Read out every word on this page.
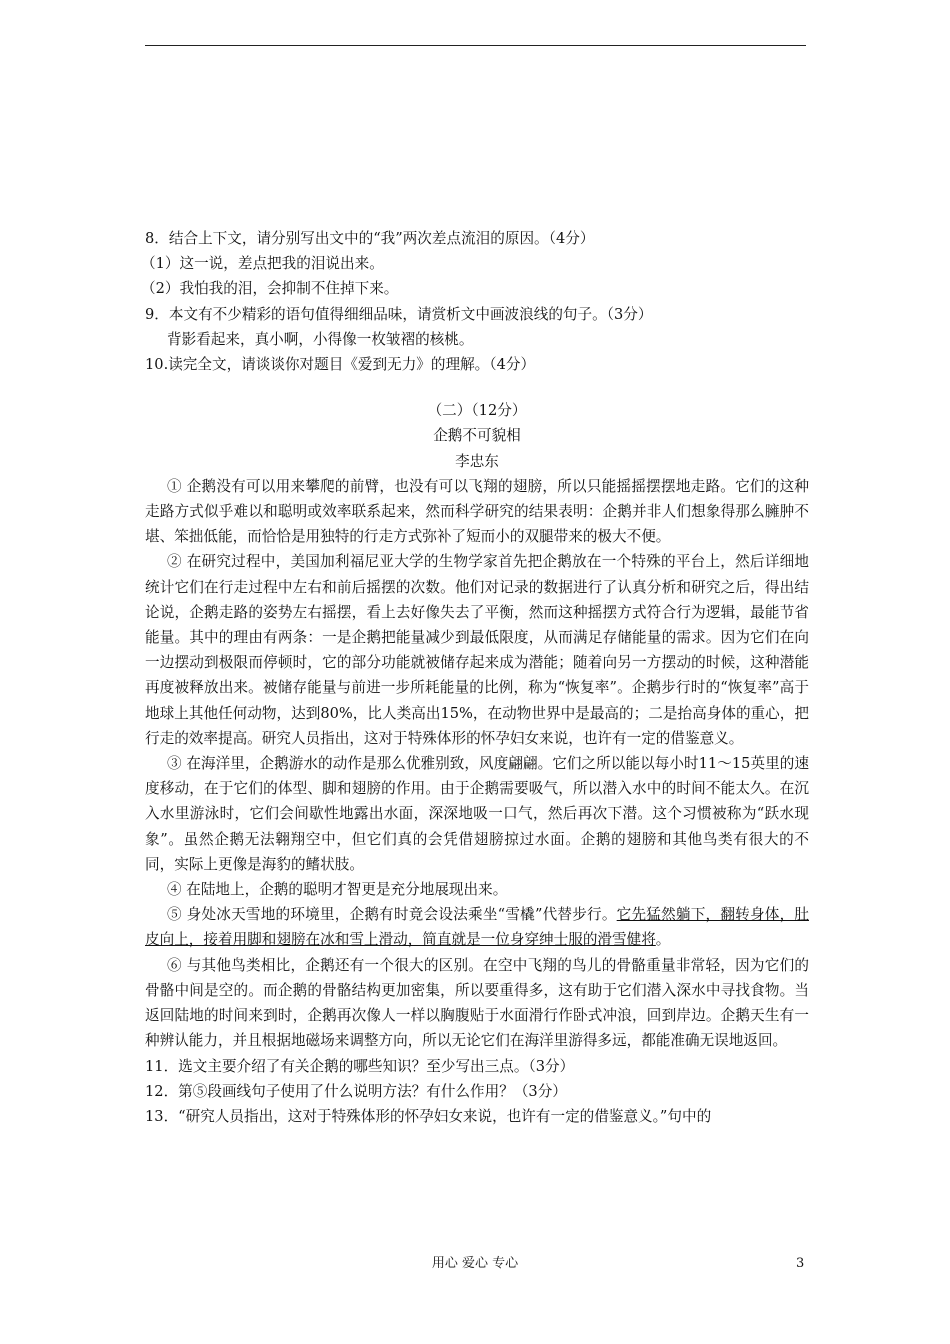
8．结合上下文，请分别写出文中的“我”两次差点流泪的原因。（4分）

（1）这一说，差点把我的泪说出来。

（2）我怕我的泪，会抑制不住掉下来。

9．本文有不少精彩的语句值得细细品味，请赏析文中画波浪线的句子。（3分）

背影看起来，真小啊，小得像一枚皱褶的核桃。

10.读完全文，请谈谈你对题目《爱到无力》的理解。（4分）

（二）（12分）

企鹅不可貌相

李忠东

① 企鹅没有可以用来攀爬的前臂，也没有可以飞翔的翅膀，所以只能摇摇摆摆地走路。它们的这种走路方式似乎难以和聪明或效率联系起来，然而科学研究的结果表明：企鹅并非人们想象得那么臃肿不堪、笨拙低能，而恰恰是用独特的行走方式弥补了短而小的双腿带来的极大不便。

② 在研究过程中，美国加利福尼亚大学的生物学家首先把企鹅放在一个特殊的平台上，然后详细地统计它们在行走过程中左右和前后摇摆的次数。他们对记录的数据进行了认真分析和研究之后，得出结论说，企鹅走路的姿势左右摇摆，看上去好像失去了平衡，然而这种摇摆方式符合行为逻辑，最能节省能量。其中的理由有两条：一是企鹅把能量减少到最低限度，从而满足存储能量的需求。因为它们在向一边摆动到极限而停顿时，它的部分功能就被储存起来成为潜能；随着向另一方摆动的时候，这种潜能再度被释放出来。被储存能量与前进一步所耗能量的比例，称为“恢复率”。企鹅步行时的“恢复率”高于地球上其他任何动物，达到80%，比人类高出15%，在动物世界中是最高的；二是抬高身体的重心，把行走的效率提高。研究人员指出，这对于特殊体形的怀孕妇女来说，也许有一定的借鉴意义。

③ 在海洋里，企鹅游水的动作是那么优雅别致，风度翩翩。它们之所以能以每小时11～15英里的速度移动，在于它们的体型、脚和翅膀的作用。由于企鹅需要吸气，所以潜入水中的时间不能太久。在沉入水里游泳时，它们会间歇性地露出水面，深深地吸一口气，然后再次下潜。这个习惯被称为“跃水现象”。虽然企鹅无法翱翔空中，但它们真的会凭借翅膀掠过水面。企鹅的翅膀和其他鸟类有很大的不同，实际上更像是海豹的鳍状肢。

④ 在陆地上，企鹅的聪明才智更是充分地展现出来。

⑤ 身处冰天雪地的环境里，企鹅有时竟会设法乘坐“雪橇”代替步行。它先猛然躺下，翻转身体，肚皮向上，接着用脚和翅膀在冰和雪上滑动，简直就是一位身穿绅士服的滑雪健将。

⑥ 与其他鸟类相比，企鹅还有一个很大的区别。在空中飞翔的鸟儿的骨骼重量非常轻，因为它们的骨骼中间是空的。而企鹅的骨骼结构更加密集，所以要重得多，这有助于它们潜入深水中寻找食物。当返回陆地的时间来到时，企鹅再次像人一样以胸腹贴于水面滑行作卧式冲浪，回到岸边。企鹅天生有一种辨认能力，并且根据地磁场来调整方向，所以无论它们在海洋里游得多远，都能准确无误地返回。

11．选文主要介绍了有关企鹅的哪些知识？至少写出三点。（3分）

12．第⑤段画线句子使用了什么说明方法？有什么作用？（3分）

13．“研究人员指出，这对于特殊体形的怀孕妇女来说，也许有一定的借鉴意义。”句中的

用心 爱心 专心	3
